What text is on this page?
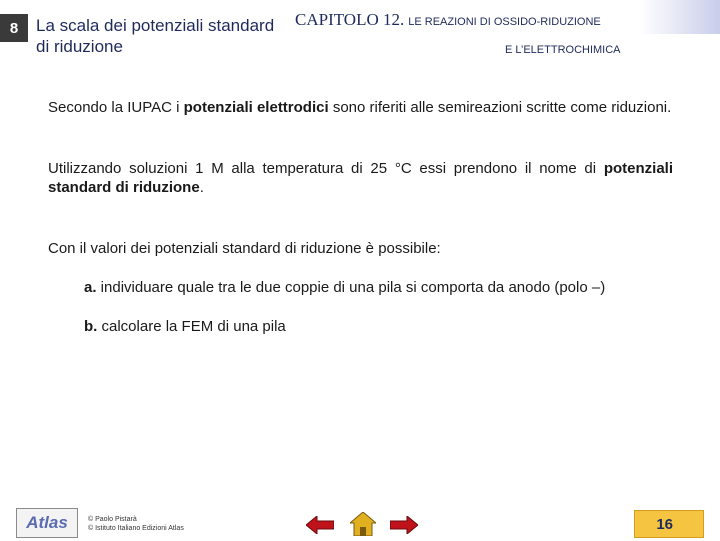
8	La scala dei potenziali standard di riduzione
CAPITOLO 12. LE REAZIONI DI OSSIDO-RIDUZIONE
E L’ELETTROCHIMICA

Secondo la IUPAC i potenziali elettrodici sono riferiti alle semireazioni scritte come riduzioni.

Utilizzando soluzioni 1 M alla temperatura di 25 °C essi prendono il nome di potenziali standard di riduzione.

Con il valori dei potenziali standard di riduzione è possibile:

a. individuare quale tra le due coppie di una pila si comporta da anodo (polo –)
b. calcolare la FEM di una pila
Atlas	© Paolo Pistarà
© Istituto Italiano Edizioni Atlas	16
